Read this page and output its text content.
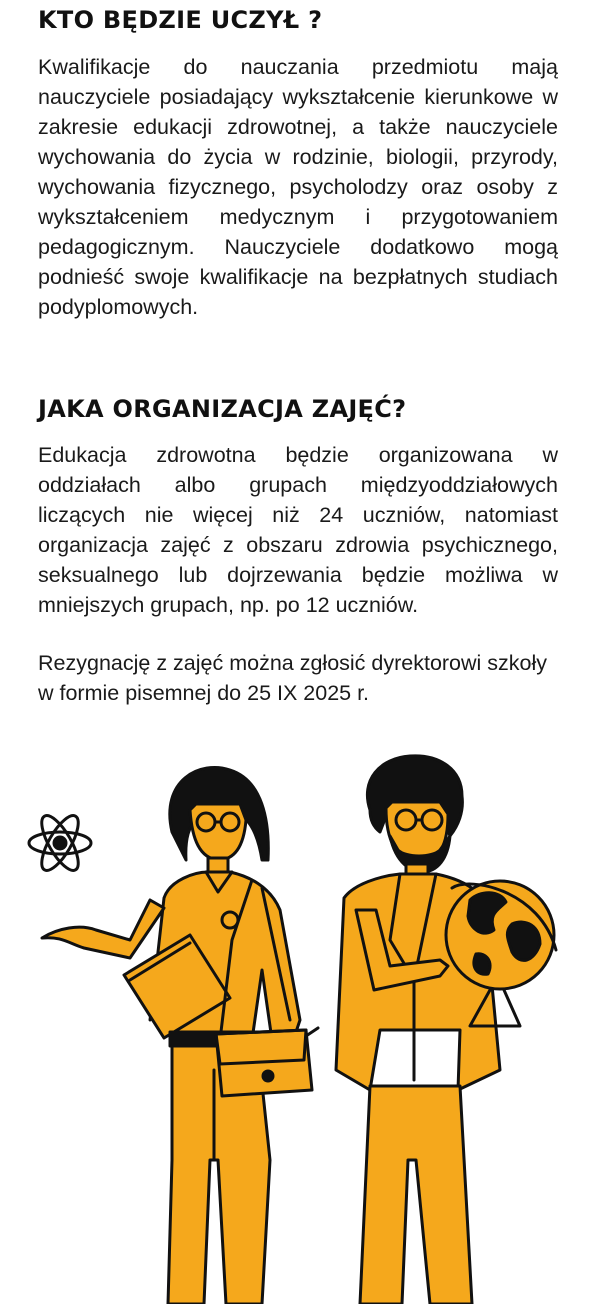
KTO BĘDZIE UCZYŁ ?

Kwalifikacje do nauczania przedmiotu mają nauczyciele posiadający wykształcenie kierunkowe w zakresie edukacji zdrowotnej, a także nauczyciele wychowania do życia w rodzinie, biologii, przyrody, wychowania fizycznego, psycholodzy oraz osoby z wykształceniem medycznym i przygotowaniem pedagogicznym. Nauczyciele dodatkowo mogą podnieść swoje kwalifikacje na bezpłatnych studiach podyplomowych.

JAKA ORGANIZACJA ZAJĘĆ?

Edukacja zdrowotna będzie organizowana w oddziałach albo grupach międzyoddziałowych liczących nie więcej niż 24 uczniów, natomiast organizacja zajęć z obszaru zdrowia psychicznego, seksualnego lub dojrzewania będzie możliwa w mniejszych grupach, np. po 12 uczniów.

Rezygnację z zajęć można zgłosić dyrektorowi szkoły w formie pisemnej do 25 IX 2025 r.
